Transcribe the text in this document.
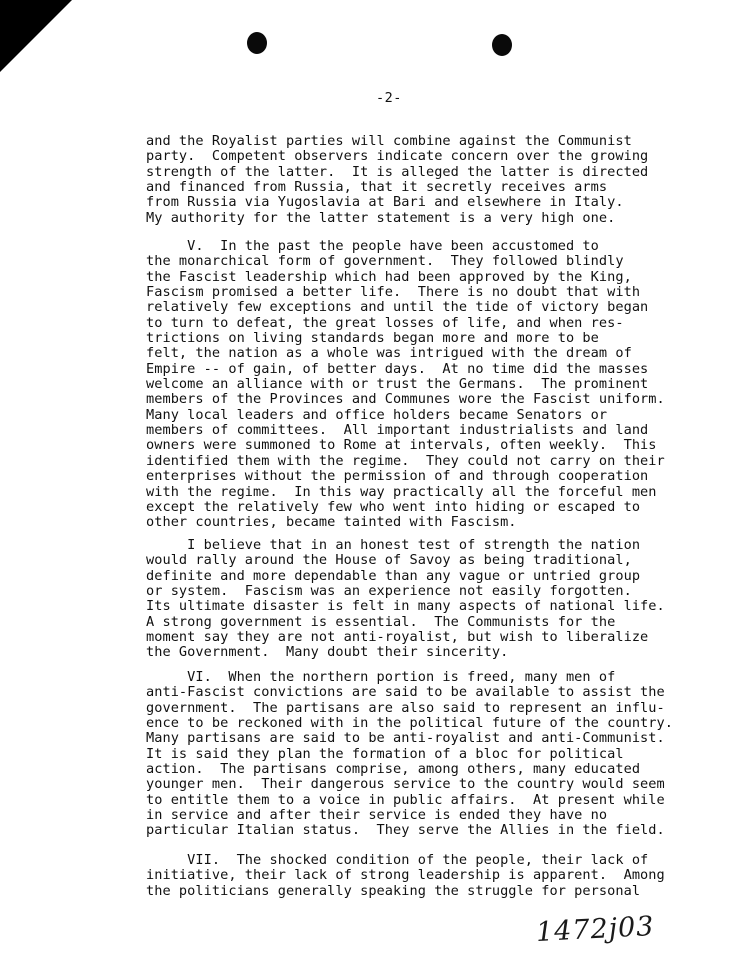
-2-

and the Royalist parties will combine against the Communist
party.  Competent observers indicate concern over the growing
strength of the latter.  It is alleged the latter is directed
and financed from Russia, that it secretly receives arms
from Russia via Yugoslavia at Bari and elsewhere in Italy.
My authority for the latter statement is a very high one.

V.  In the past the people have been accustomed to
the monarchical form of government.  They followed blindly
the Fascist leadership which had been approved by the King,
Fascism promised a better life.  There is no doubt that with
relatively few exceptions and until the tide of victory began
to turn to defeat, the great losses of life, and when res-
trictions on living standards began more and more to be
felt, the nation as a whole was intrigued with the dream of
Empire -- of gain, of better days.  At no time did the masses
welcome an alliance with or trust the Germans.  The prominent
members of the Provinces and Communes wore the Fascist uniform.
Many local leaders and office holders became Senators or
members of committees.  All important industrialists and land
owners were summoned to Rome at intervals, often weekly.  This
identified them with the regime.  They could not carry on their
enterprises without the permission of and through cooperation
with the regime.  In this way practically all the forceful men
except the relatively few who went into hiding or escaped to
other countries, became tainted with Fascism.

I believe that in an honest test of strength the nation
would rally around the House of Savoy as being traditional,
definite and more dependable than any vague or untried group
or system.  Fascism was an experience not easily forgotten.
Its ultimate disaster is felt in many aspects of national life.
A strong government is essential.  The Communists for the
moment say they are not anti-royalist, but wish to liberalize
the Government.  Many doubt their sincerity.

VI.  When the northern portion is freed, many men of
anti-Fascist convictions are said to be available to assist the
government.  The partisans are also said to represent an influ-
ence to be reckoned with in the political future of the country.
Many partisans are said to be anti-royalist and anti-Communist.
It is said they plan the formation of a bloc for political
action.  The partisans comprise, among others, many educated
younger men.  Their dangerous service to the country would seem
to entitle them to a voice in public affairs.  At present while
in service and after their service is ended they have no
particular Italian status.  They serve the Allies in the field.

VII.  The shocked condition of the people, their lack of
initiative, their lack of strong leadership is apparent.  Among
the politicians generally speaking the struggle for personal

1472j03
